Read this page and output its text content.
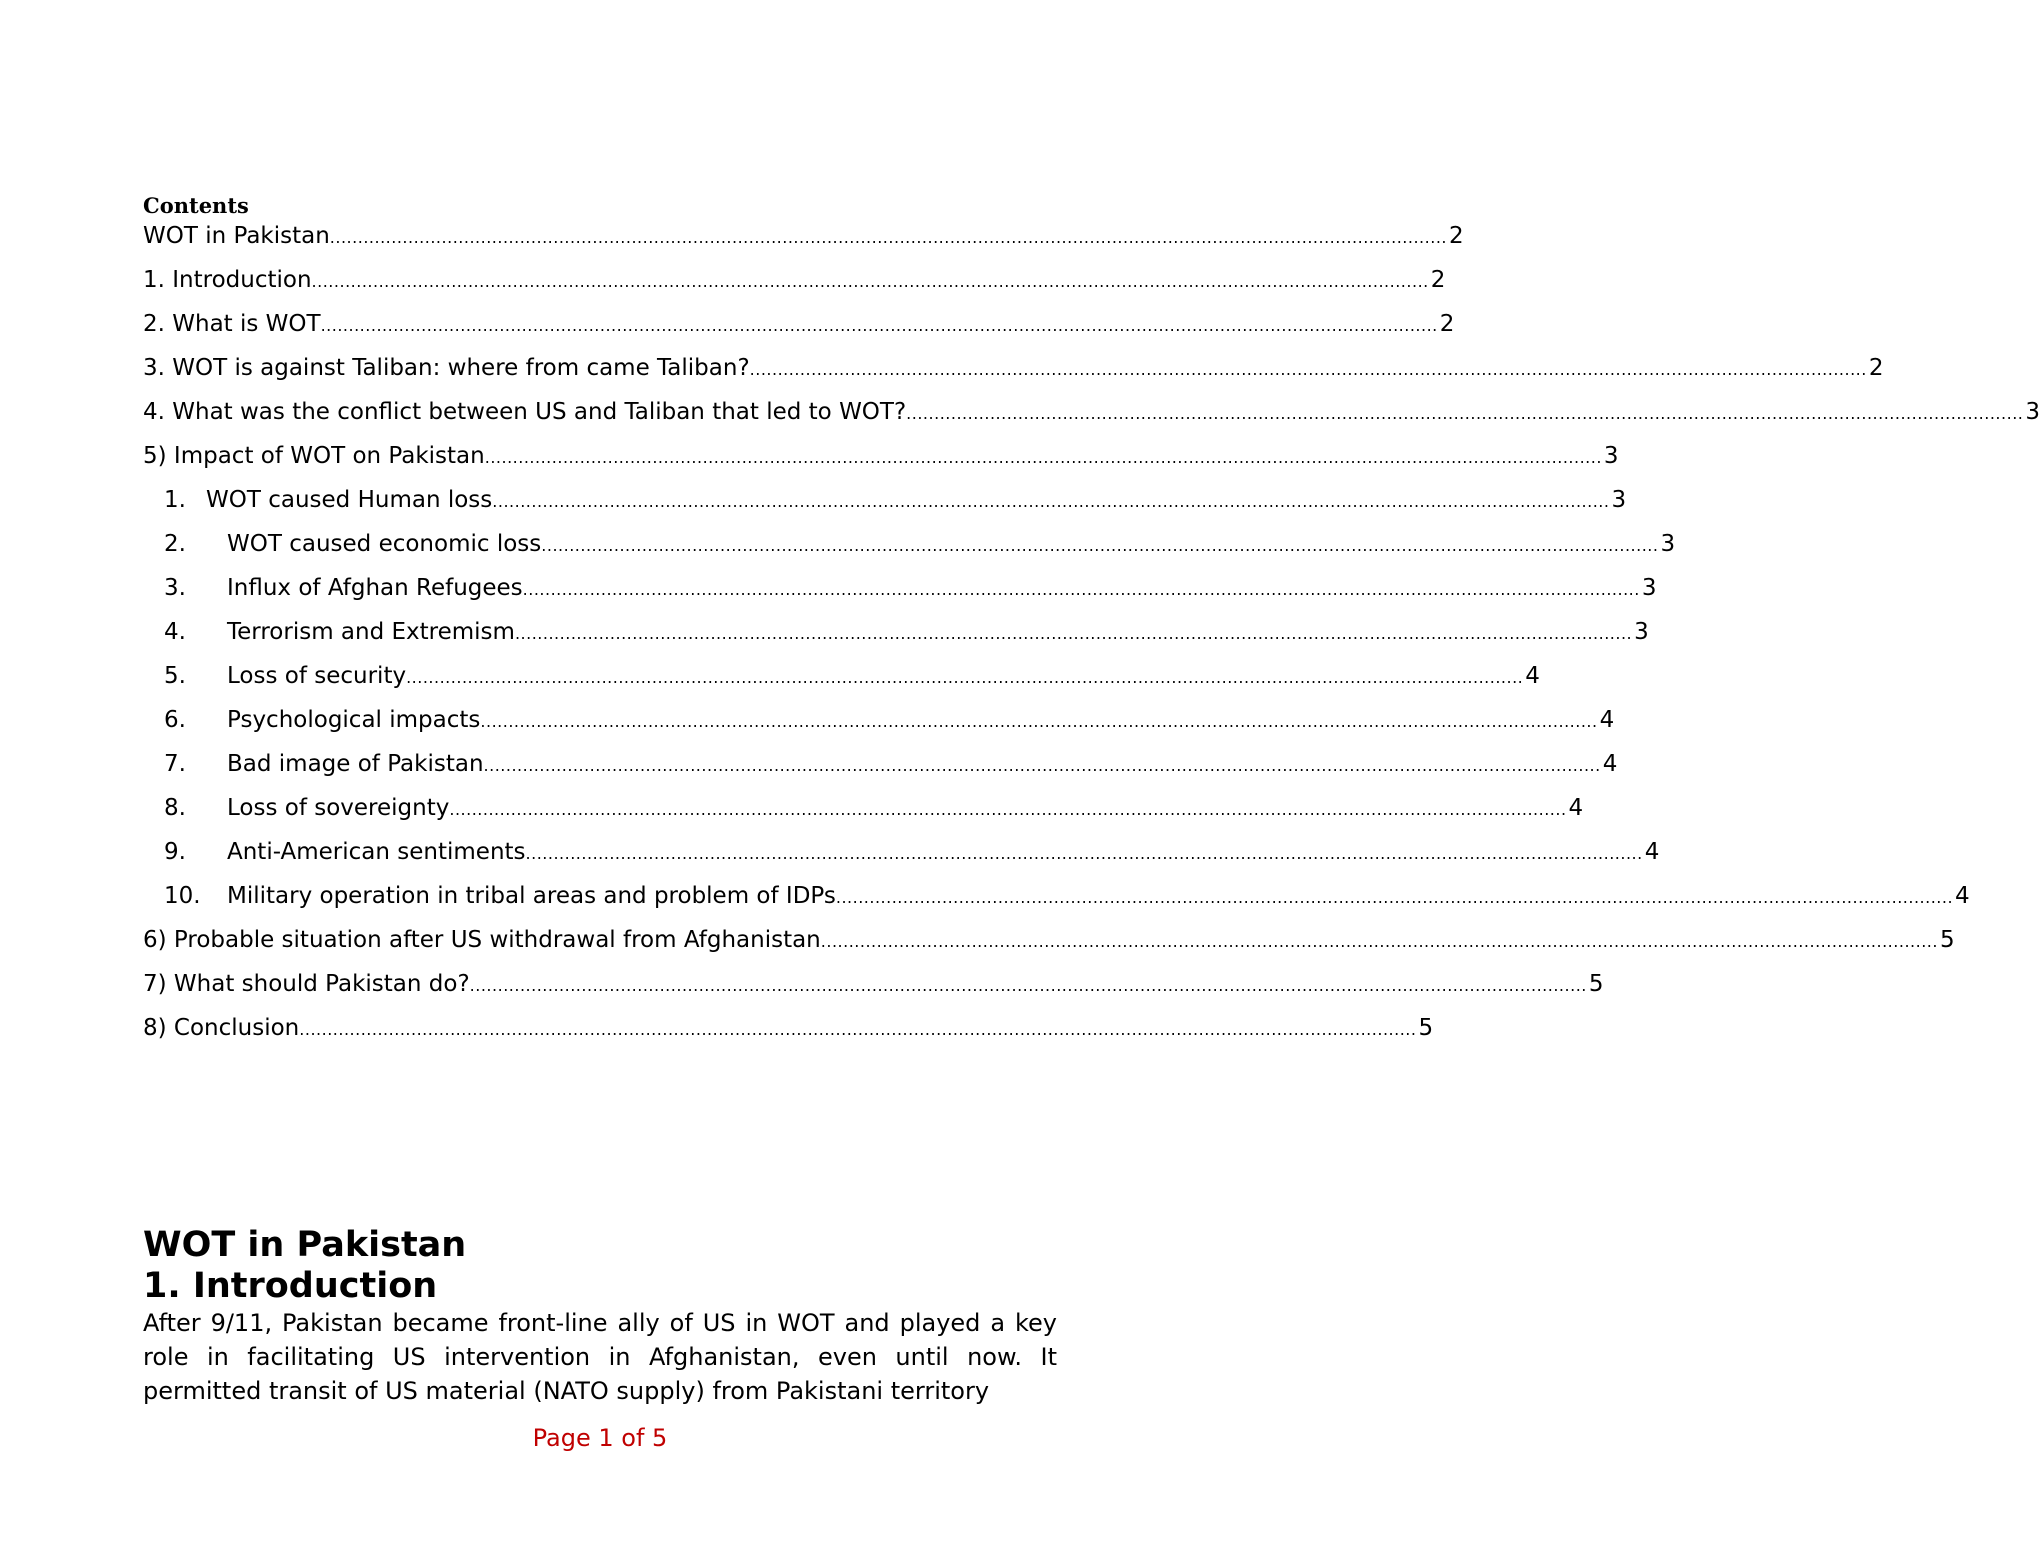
Contents
WOT in Pakistan ........................................................................................................................................................................................................ 2
1. Introduction ........................................................................................................................................................................................................ 2
2. What is WOT ........................................................................................................................................................................................................ 2
3. WOT is against Taliban: where from came Taliban? ........................................................................................................................................................................................................ 2
4. What was the conflict between US and Taliban that led to WOT? ........................................................................................................................................................................................................ 3
5) Impact of WOT on Pakistan ........................................................................................................................................................................................................ 3
1. WOT caused Human loss ........................................................................................................................................................................................................ 3
2.	WOT caused economic loss ........................................................................................................................................................................................................ 3
3.	Influx of Afghan Refugees ........................................................................................................................................................................................................ 3
4.	Terrorism and Extremism ........................................................................................................................................................................................................ 3
5.	Loss of security ........................................................................................................................................................................................................ 4
6.	Psychological impacts ........................................................................................................................................................................................................ 4
7.	Bad image of Pakistan ........................................................................................................................................................................................................ 4
8.	Loss of sovereignty ........................................................................................................................................................................................................ 4
9.	Anti-American sentiments ........................................................................................................................................................................................................ 4
10.	Military operation in tribal areas and problem of IDPs ........................................................................................................................................................................................................ 4
6) Probable situation after US withdrawal from Afghanistan ........................................................................................................................................................................................................ 5
7) What should Pakistan do? ........................................................................................................................................................................................................ 5
8) Conclusion ........................................................................................................................................................................................................ 5
WOT in Pakistan
1. Introduction
After 9/11, Pakistan became front-line ally of US in WOT and played a key role in facilitating US intervention in Afghanistan, even until now. It permitted transit of US material (NATO supply) from Pakistani territory
Page 1 of 5
